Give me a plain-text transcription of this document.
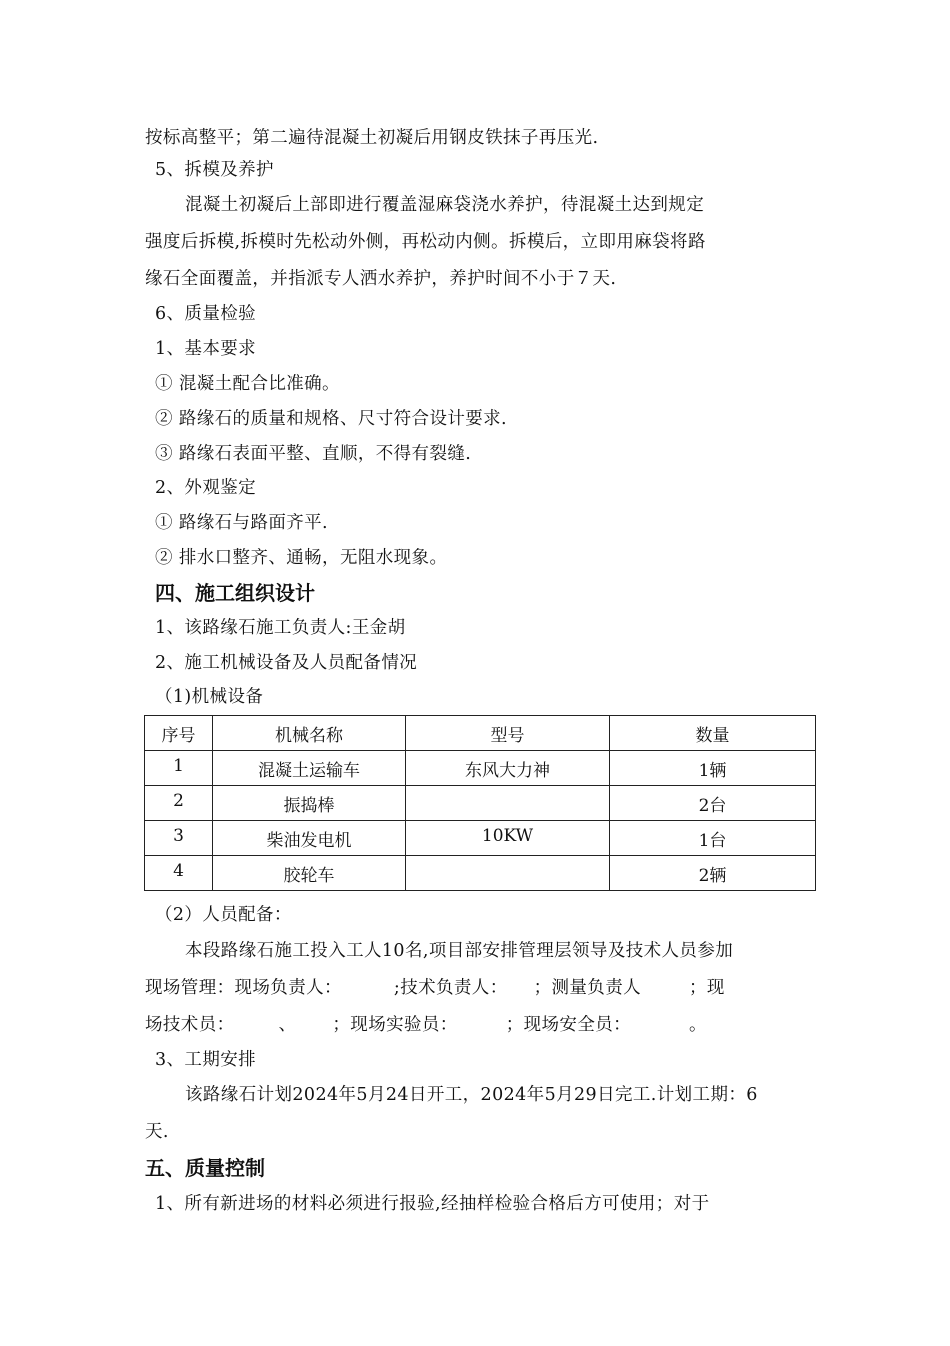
按标高整平；第二遍待混凝土初凝后用钢皮铁抹子再压光.
5、拆模及养护
混凝土初凝后上部即进行覆盖湿麻袋浇水养护，待混凝土达到规定
强度后拆模,拆模时先松动外侧，再松动内侧。拆模后，立即用麻袋将路
缘石全面覆盖，并指派专人洒水养护，养护时间不小于７天.
6、质量检验
1、基本要求
① 混凝土配合比准确。
② 路缘石的质量和规格、尺寸符合设计要求.
③ 路缘石表面平整、直顺，不得有裂缝.
2、外观鉴定
① 路缘石与路面齐平.
② 排水口整齐、通畅，无阻水现象。
四、施工组织设计
1、该路缘石施工负责人:王金胡
2、施工机械设备及人员配备情况
（1)机械设备
序号	机械名称	型号	数量
1	混凝土运输车	东风大力神	1辆
2	振捣棒		2台
3	柴油发电机	10KW	1台
4	胶轮车		2辆
（2）人员配备：
本段路缘石施工投入工人10名,项目部安排管理层领导及技术人员参加
现场管理：现场负责人：	;技术负责人： ；测量负责人	；现
场技术员：	、 ；现场实验员：	；现场安全员：	。
3、工期安排
该路缘石计划2024年5月24日开工，2024年5月29日完工.计划工期：6
天.
五、质量控制
1、所有新进场的材料必须进行报验,经抽样检验合格后方可使用；对于
